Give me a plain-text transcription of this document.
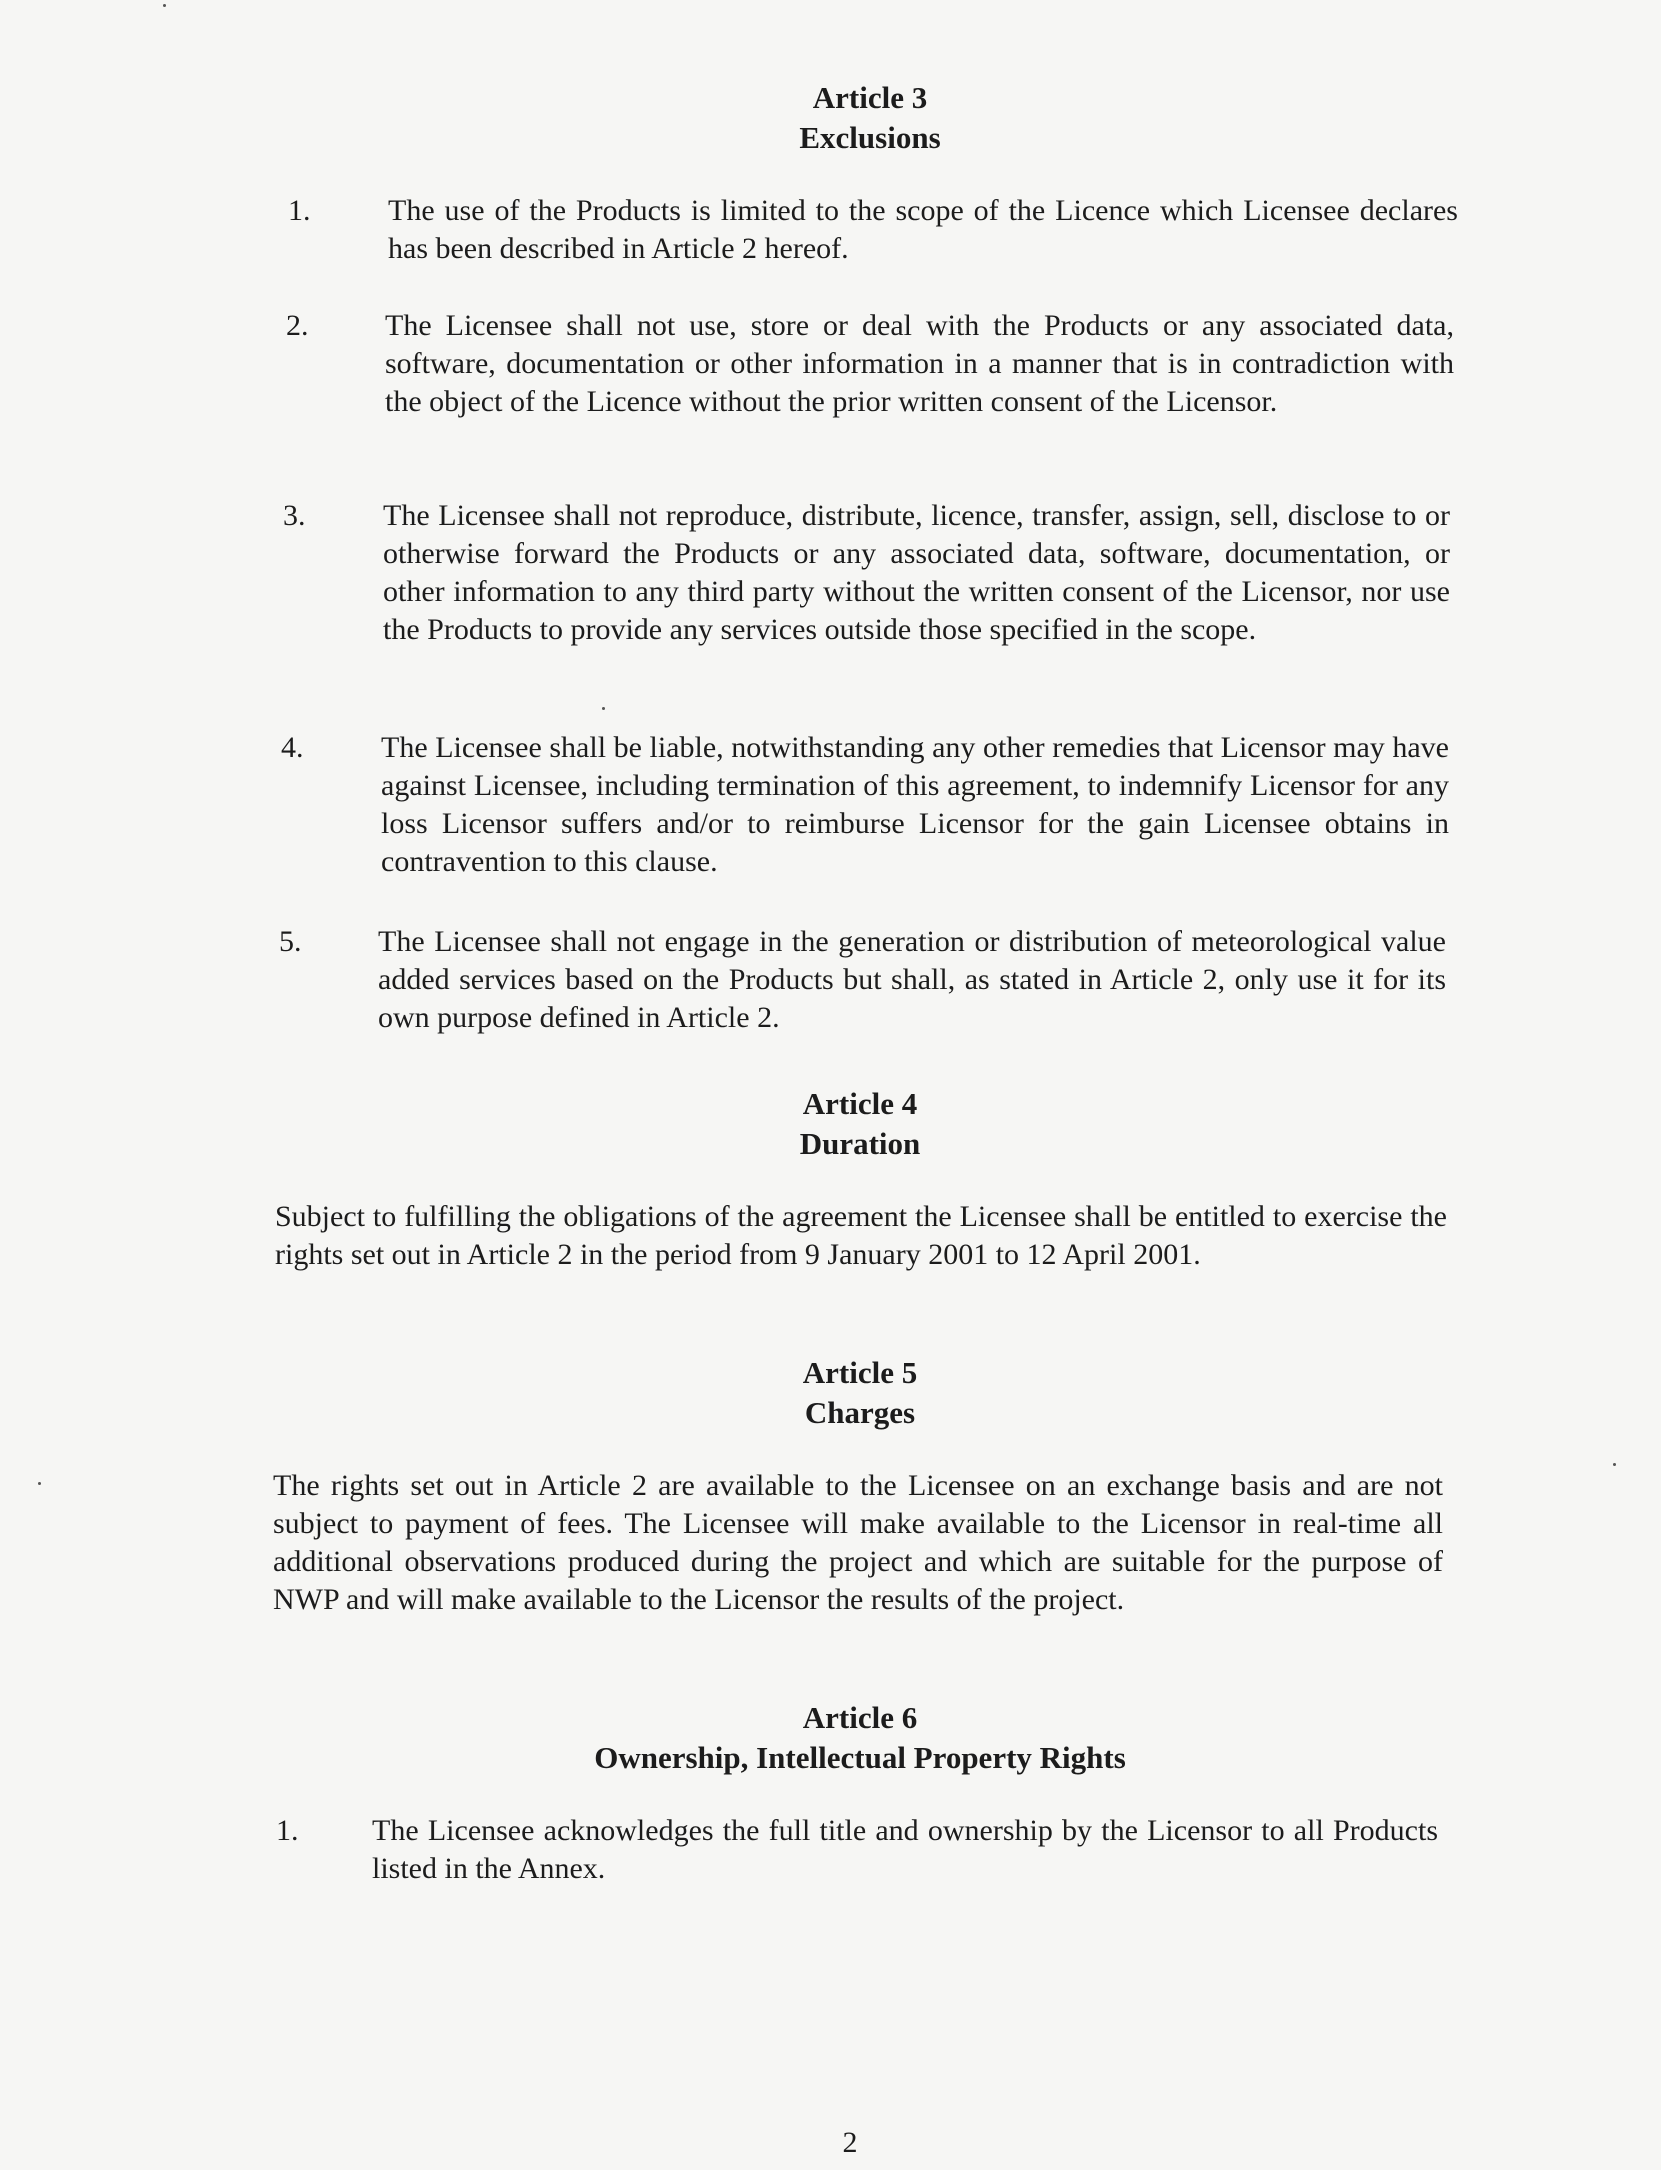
Article 3

Exclusions

1.	The use of the Products is limited to the scope of the Licence which Licensee declares has been described in Article 2 hereof.
2.	The Licensee shall not use, store or deal with the Products or any associated data, software, documentation or other information in a manner that is in contradiction with the object of the Licence without the prior written consent of the Licensor.
3.	The Licensee shall not reproduce, distribute, licence, transfer, assign, sell, disclose to or otherwise forward the Products or any associated data, software, documentation, or other information to any third party without the written consent of the Licensor, nor use the Products to provide any services outside those specified in the scope.
4.	The Licensee shall be liable, notwithstanding any other remedies that Licensor may have against Licensee, including termination of this agreement, to indemnify Licensor for any loss Licensor suffers and/or to reimburse Licensor for the gain Licensee obtains in contravention to this clause.
5.	The Licensee shall not engage in the generation or distribution of meteorological value added services based on the Products but shall, as stated in Article 2, only use it for its own purpose defined in Article 2.

Article 4

Duration

Subject to fulfilling the obligations of the agreement the Licensee shall be entitled to exercise the rights set out in Article 2 in the period from 9 January 2001 to 12 April 2001.

Article 5

Charges

The rights set out in Article 2 are available to the Licensee on an exchange basis and are not subject to payment of fees. The Licensee will make available to the Licensor in real-time all additional observations produced during the project and which are suitable for the purpose of NWP and will make available to the Licensor the results of the project.

Article 6

Ownership, Intellectual Property Rights

1. The Licensee acknowledges the full title and ownership by the Licensor to all Products listed in the Annex.
2
